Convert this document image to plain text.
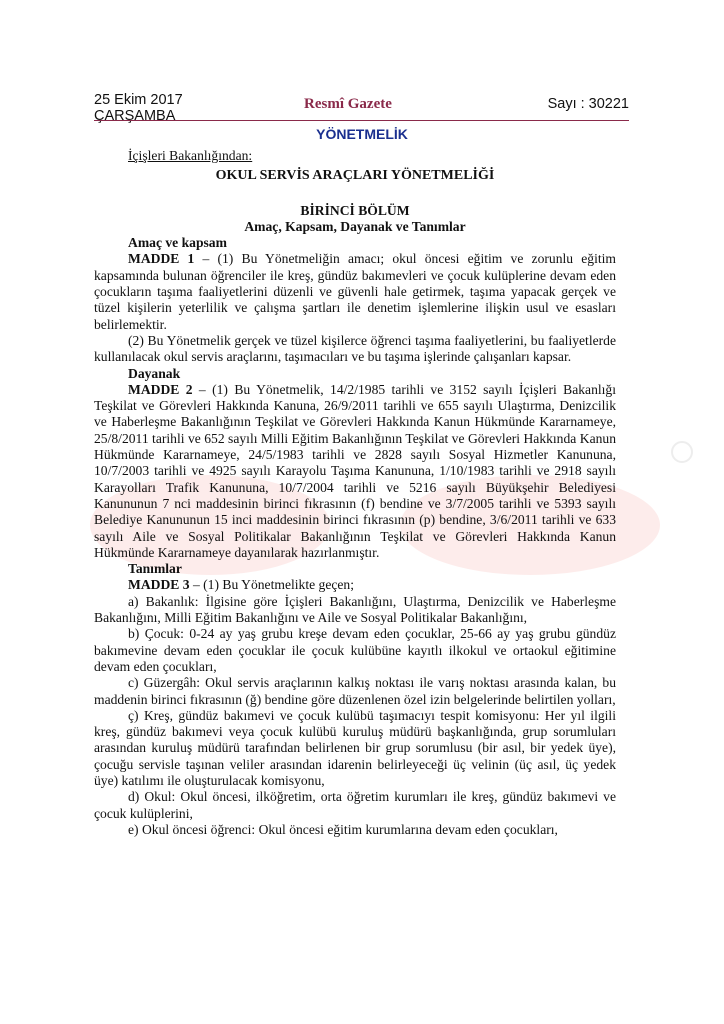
25 Ekim 2017
ÇARŞAMBA
Resmî Gazete	Sayı : 30221
YÖNETMELİK

İçişleri Bakanlığından:

OKUL SERVİS ARAÇLARI YÖNETMELİĞİ
BİRİNCİ BÖLÜM
Amaç, Kapsam, Dayanak ve Tanımlar
Amaç ve kapsam

MADDE 1 – (1) Bu Yönetmeliğin amacı; okul öncesi eğitim ve zorunlu eğitim kapsamında bulunan öğrenciler ile kreş, gündüz bakımevleri ve çocuk kulüplerine devam eden çocukların taşıma faaliyetlerini düzenli ve güvenli hale getirmek, taşıma yapacak gerçek ve tüzel kişilerin yeterlilik ve çalışma şartları ile denetim işlemlerine ilişkin usul ve esasları belirlemektir.

(2) Bu Yönetmelik gerçek ve tüzel kişilerce öğrenci taşıma faaliyetlerini, bu faaliyetlerde kullanılacak okul servis araçlarını, taşımacıları ve bu taşıma işlerinde çalışanları kapsar.

Dayanak

MADDE 2 – (1) Bu Yönetmelik, 14/2/1985 tarihli ve 3152 sayılı İçişleri Bakanlığı Teşkilat ve Görevleri Hakkında Kanuna, 26/9/2011 tarihli ve 655 sayılı Ulaştırma, Denizcilik ve Haberleşme Bakanlığının Teşkilat ve Görevleri Hakkında Kanun Hükmünde Kararnameye, 25/8/2011 tarihli ve 652 sayılı Milli Eğitim Bakanlığının Teşkilat ve Görevleri Hakkında Kanun Hükmünde Kararnameye, 24/5/1983 tarihli ve 2828 sayılı Sosyal Hizmetler Kanununa, 10/7/2003 tarihli ve 4925 sayılı Karayolu Taşıma Kanununa, 1/10/1983 tarihli ve 2918 sayılı Karayolları Trafik Kanununa, 10/7/2004 tarihli ve 5216 sayılı Büyükşehir Belediyesi Kanununun 7 nci maddesinin birinci fıkrasının (f) bendine ve 3/7/2005 tarihli ve 5393 sayılı Belediye Kanununun 15 inci maddesinin birinci fıkrasının (p) bendine, 3/6/2011 tarihli ve 633 sayılı Aile ve Sosyal Politikalar Bakanlığının Teşkilat ve Görevleri Hakkında Kanun Hükmünde Kararnameye dayanılarak hazırlanmıştır.

Tanımlar

MADDE 3 – (1) Bu Yönetmelikte geçen;

a) Bakanlık: İlgisine göre İçişleri Bakanlığını, Ulaştırma, Denizcilik ve Haberleşme Bakanlığını, Milli Eğitim Bakanlığını ve Aile ve Sosyal Politikalar Bakanlığını,

b) Çocuk: 0-24 ay yaş grubu kreşe devam eden çocuklar, 25-66 ay yaş grubu gündüz bakımevine devam eden çocuklar ile çocuk kulübüne kayıtlı ilkokul ve ortaokul eğitimine devam eden çocukları,

c) Güzergâh: Okul servis araçlarının kalkış noktası ile varış noktası arasında kalan, bu maddenin birinci fıkrasının (ğ) bendine göre düzenlenen özel izin belgelerinde belirtilen yolları,

ç) Kreş, gündüz bakımevi ve çocuk kulübü taşımacıyı tespit komisyonu: Her yıl ilgili kreş, gündüz bakımevi veya çocuk kulübü kuruluş müdürü başkanlığında, grup sorumluları arasından kuruluş müdürü tarafından belirlenen bir grup sorumlusu (bir asıl, bir yedek üye), çocuğu servisle taşınan veliler arasından idarenin belirleyeceği üç velinin (üç asıl, üç yedek üye) katılımı ile oluşturulacak komisyonu,

d) Okul: Okul öncesi, ilköğretim, orta öğretim kurumları ile kreş, gündüz bakımevi ve çocuk kulüplerini,

e) Okul öncesi öğrenci: Okul öncesi eğitim kurumlarına devam eden çocukları,
